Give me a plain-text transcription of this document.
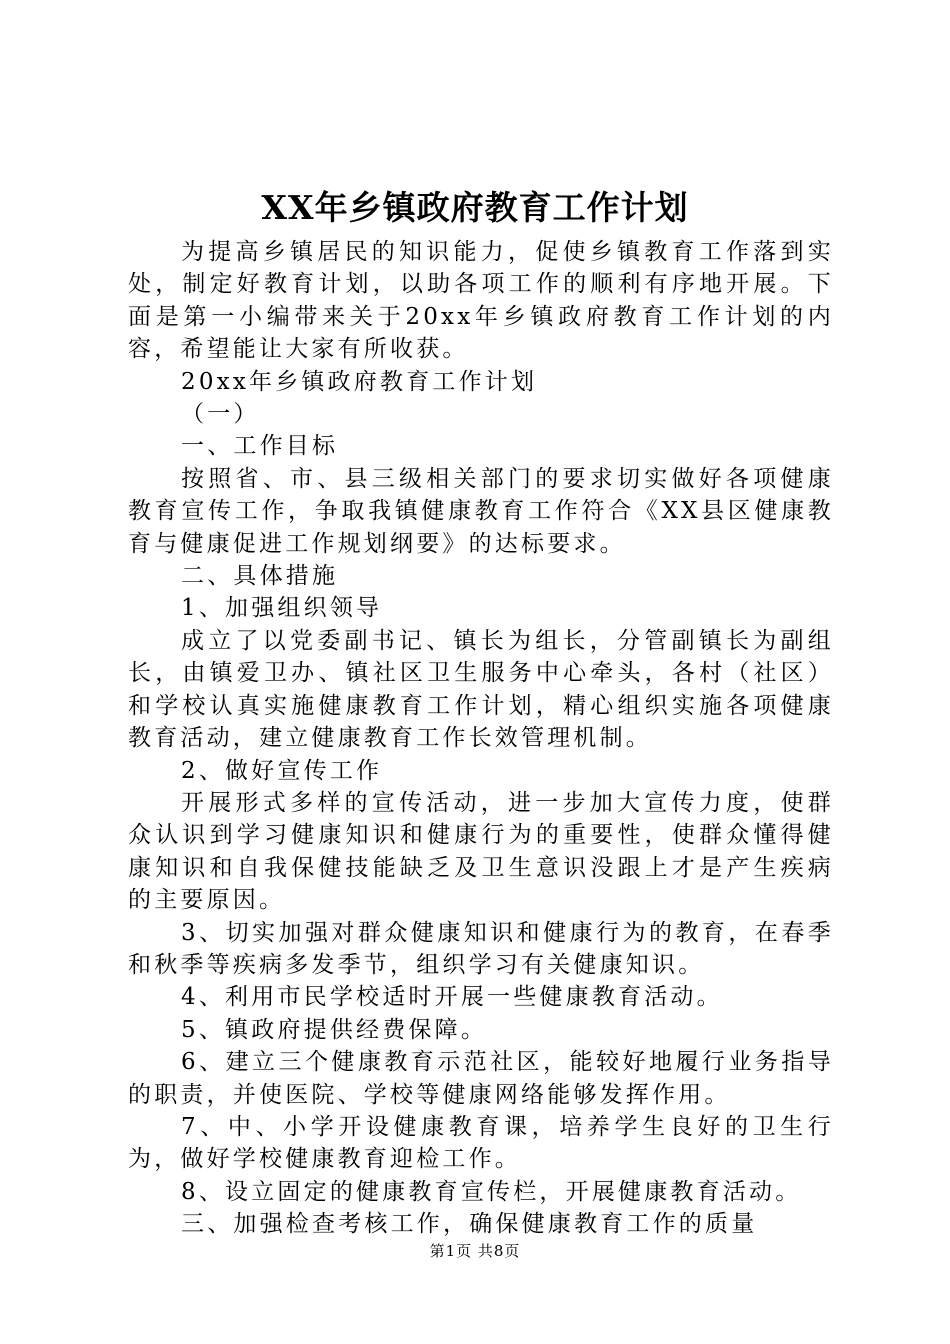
XX年乡镇政府教育工作计划

为提高乡镇居民的知识能力，促使乡镇教育工作落到实处，制定好教育计划，以助各项工作的顺利有序地开展。下面是第一小编带来关于20xx年乡镇政府教育工作计划的内容，希望能让大家有所收获。

20xx年乡镇政府教育工作计划

（一）

一、工作目标

按照省、市、县三级相关部门的要求切实做好各项健康教育宣传工作，争取我镇健康教育工作符合《XX县区健康教育与健康促进工作规划纲要》的达标要求。

二、具体措施

1、加强组织领导

成立了以党委副书记、镇长为组长，分管副镇长为副组长，由镇爱卫办、镇社区卫生服务中心牵头，各村（社区）和学校认真实施健康教育工作计划，精心组织实施各项健康教育活动，建立健康教育工作长效管理机制。

2、做好宣传工作

开展形式多样的宣传活动，进一步加大宣传力度，使群众认识到学习健康知识和健康行为的重要性，使群众懂得健康知识和自我保健技能缺乏及卫生意识没跟上才是产生疾病的主要原因。

3、切实加强对群众健康知识和健康行为的教育，在春季和秋季等疾病多发季节，组织学习有关健康知识。

4、利用市民学校适时开展一些健康教育活动。

5、镇政府提供经费保障。

6、建立三个健康教育示范社区，能较好地履行业务指导的职责，并使医院、学校等健康网络能够发挥作用。

7、中、小学开设健康教育课，培养学生良好的卫生行为，做好学校健康教育迎检工作。

8、设立固定的健康教育宣传栏，开展健康教育活动。

三、加强检查考核工作，确保健康教育工作的质量

第1页 共8页
